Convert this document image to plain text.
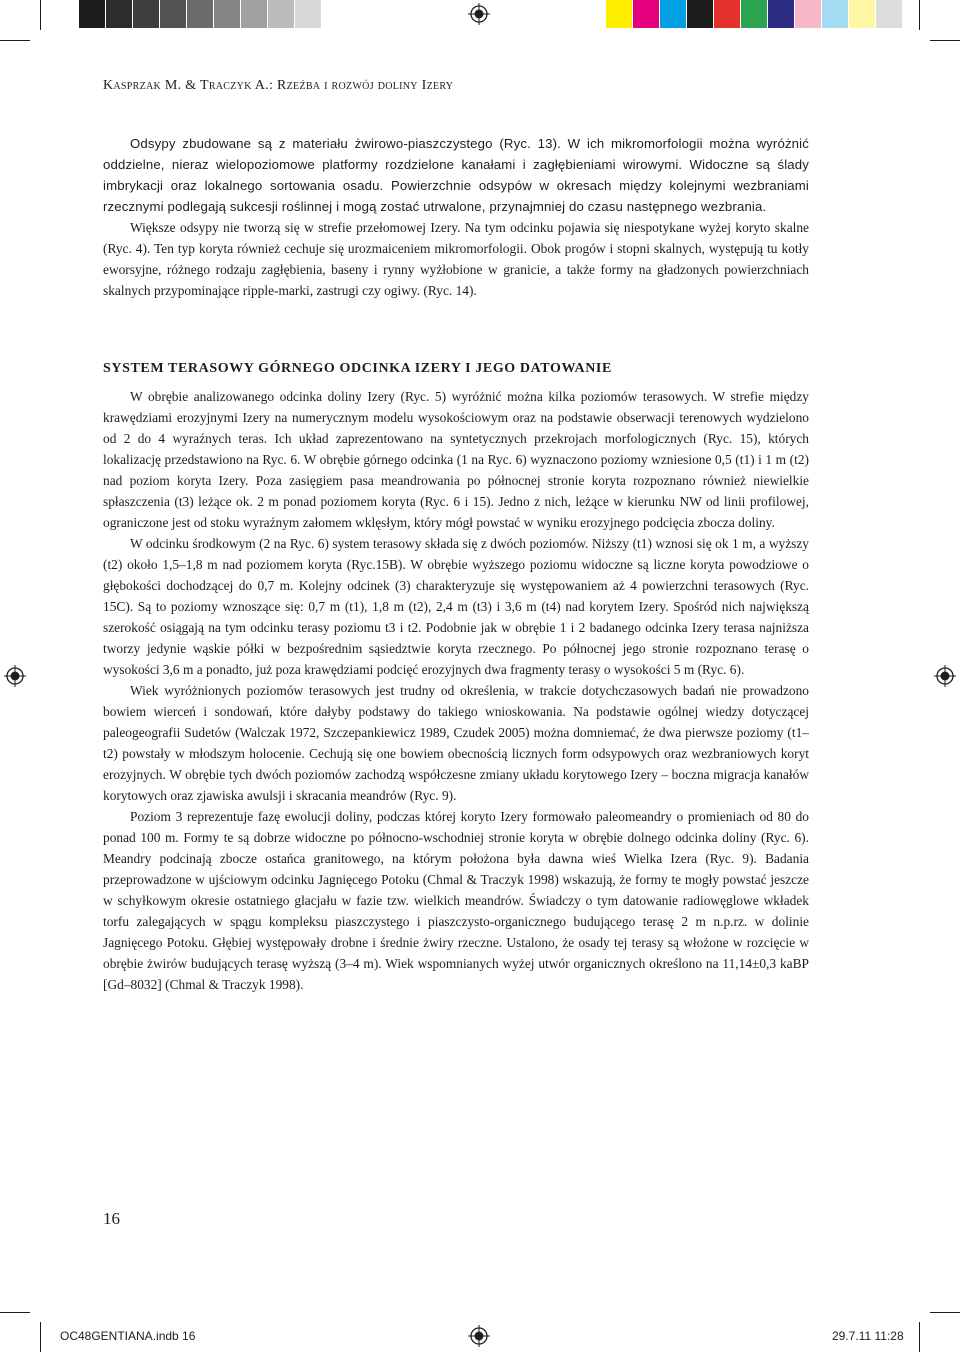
Kasprzak M. & Traczyk A.: Rzeźba i rozwój doliny Izery

Odsypy zbudowane są z materiału żwirowo-piaszczystego (Ryc. 13). W ich mikromorfologii można wyróżnić oddzielne, nieraz wielopoziomowe platformy rozdzielone kanałami i zagłębieniami wirowymi. Widoczne są ślady imbrykacji oraz lokalnego sortowania osadu. Powierzchnie odsypów w okresach między kolejnymi wezbraniami rzecznymi podlegają sukcesji roślinnej i mogą zostać utrwalone, przynajmniej do czasu następnego wezbrania.

Większe odsypy nie tworzą się w strefie przełomowej Izery. Na tym odcinku pojawia się niespotykane wyżej koryto skalne (Ryc. 4). Ten typ koryta również cechuje się urozmaiceniem mikromorfologii. Obok progów i stopni skalnych, występują tu kotły eworsyjne, różnego rodzaju zagłębienia, baseny i rynny wyżłobione w granicie, a także formy na gładzonych powierzchniach skalnych przypominające ripple-marki, zastrugi czy ogiwy. (Ryc. 14).

SYSTEM TERASOWY GÓRNEGO ODCINKA IZERY I JEGO DATOWANIE

W obrębie analizowanego odcinka doliny Izery (Ryc. 5) wyróżnić można kilka poziomów terasowych. W strefie między krawędziami erozyjnymi Izery na numerycznym modelu wysokościowym oraz na podstawie obserwacji terenowych wydzielono od 2 do 4 wyraźnych teras. Ich układ zaprezentowano na syntetycznych przekrojach morfologicznych (Ryc. 15), których lokalizację przedstawiono na Ryc. 6. W obrębie górnego odcinka (1 na Ryc. 6) wyznaczono poziomy wzniesione 0,5 (t1) i 1 m (t2) nad poziom koryta Izery. Poza zasięgiem pasa meandrowania po północnej stronie koryta rozpoznano również niewielkie spłaszczenia (t3) leżące ok. 2 m ponad poziomem koryta (Ryc. 6 i 15). Jedno z nich, leżące w kierunku NW od linii profilowej, ograniczone jest od stoku wyraźnym załomem wklęsłym, który mógł powstać w wyniku erozyjnego podcięcia zbocza doliny.

W odcinku środkowym (2 na Ryc. 6) system terasowy składa się z dwóch poziomów. Niższy (t1) wznosi się ok 1 m, a wyższy (t2) około 1,5–1,8 m nad poziomem koryta (Ryc.15B). W obrębie wyższego poziomu widoczne są liczne koryta powodziowe o głębokości dochodzącej do 0,7 m. Kolejny odcinek (3) charakteryzuje się występowaniem aż 4 powierzchni terasowych (Ryc. 15C). Są to poziomy wznoszące się: 0,7 m (t1), 1,8 m (t2), 2,4 m (t3) i 3,6 m (t4) nad korytem Izery. Spośród nich największą szerokość osiągają na tym odcinku terasy poziomu t3 i t2. Podobnie jak w obrębie 1 i 2 badanego odcinka Izery terasa najniższa tworzy jedynie wąskie półki w bezpośrednim sąsiedztwie koryta rzecznego. Po północnej jego stronie rozpoznano terasę o wysokości 3,6 m a ponadto, już poza krawędziami podcięć erozyjnych dwa fragmenty terasy o wysokości 5 m (Ryc. 6).

Wiek wyróżnionych poziomów terasowych jest trudny od określenia, w trakcie dotychczasowych badań nie prowadzono bowiem wierceń i sondowań, które dałyby podstawy do takiego wnioskowania. Na podstawie ogólnej wiedzy dotyczącej paleogeografii Sudetów (Walczak 1972, Szczepankiewicz 1989, Czudek 2005) można domniemać, że dwa pierwsze poziomy (t1–t2) powstały w młodszym holocenie. Cechują się one bowiem obecnością licznych form odsypowych oraz wezbraniowych koryt erozyjnych. W obrębie tych dwóch poziomów zachodzą współczesne zmiany układu korytowego Izery – boczna migracja kanałów korytowych oraz zjawiska awulsji i skracania meandrów (Ryc. 9).

Poziom 3 reprezentuje fazę ewolucji doliny, podczas której koryto Izery formowało paleomeandry o promieniach od 80 do ponad 100 m. Formy te są dobrze widoczne po północno-wschodniej stronie koryta w obrębie dolnego odcinka doliny (Ryc. 6). Meandry podcinają zbocze ostańca granitowego, na którym położona była dawna wieś Wielka Izera (Ryc. 9). Badania przeprowadzone w ujściowym odcinku Jagnięcego Potoku (Chmal & Traczyk 1998) wskazują, że formy te mogły powstać jeszcze w schyłkowym okresie ostatniego glacjału w fazie tzw. wielkich meandrów. Świadczy o tym datowanie radiowęglowe wkładek torfu zalegających w spągu kompleksu piaszczystego i piaszczysto-organicznego budującego terasę 2 m n.p.rz. w dolinie Jagnięcego Potoku. Głębiej występowały drobne i średnie żwiry rzeczne. Ustalono, że osady tej terasy są włożone w rozcięcie w obrębie żwirów budujących terasę wyższą (3–4 m). Wiek wspomnianych wyżej utwór organicznych określono na 11,14±0,3 kaBP [Gd–8032] (Chmal & Traczyk 1998).

16
OC48GENTIANA.indb 16	29.7.11 11:28
